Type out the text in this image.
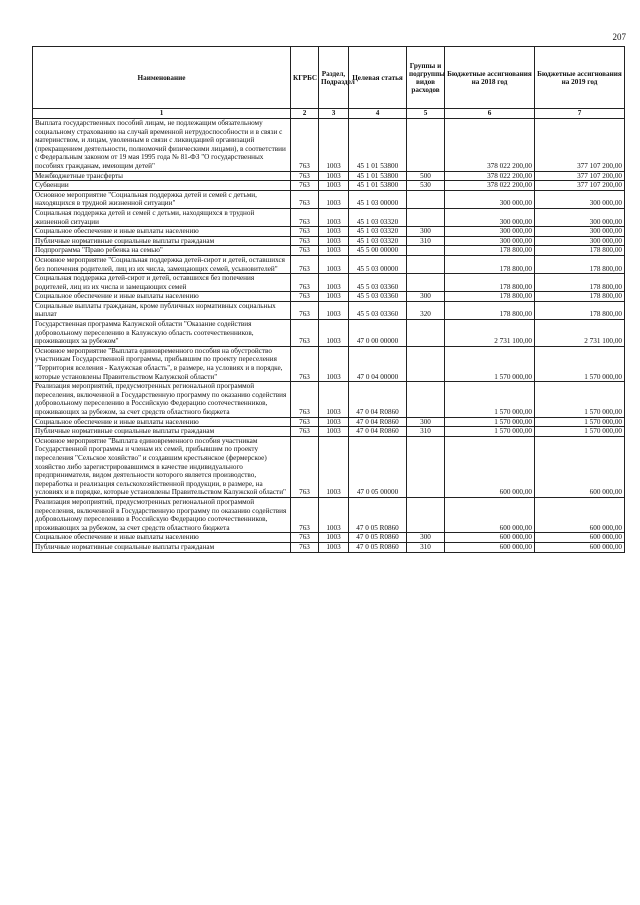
207
Наименование	КГРБС	Раздел, Подраздел	Целевая статья	Группы и подгруппы видов расходов	Бюджетные ассигнования на 2018 год	Бюджетные ассигнования на 2019 год
1	2	3	4	5	6	7
Выплата государственных пособий лицам, не подлежащим обязательному социальному страхованию на случай временной нетрудоспособности и в связи с материнством, и лицам, уволенным в связи с ликвидацией организаций (прекращением деятельности, полномочий физическими лицами), в соответствии с Федеральным законом от 19 мая 1995 года № 81-ФЗ "О государственных пособиях гражданам, имеющим детей"	763	1003	45 1 01 53800		378 022 200,00	377 107 200,00
Межбюджетные трансферты	763	1003	45 1 01 53800	500	378 022 200,00	377 107 200,00
Субвенции	763	1003	45 1 01 53800	530	378 022 200,00	377 107 200,00
Основное мероприятие "Социальная поддержка детей и семей с детьми, находящихся в трудной жизненной ситуации"	763	1003	45 1 03 00000		300 000,00	300 000,00
Социальная поддержка детей и семей с детьми, находящихся в трудной жизненной ситуации	763	1003	45 1 03 03320		300 000,00	300 000,00
Социальное обеспечение и иные выплаты населению	763	1003	45 1 03 03320	300	300 000,00	300 000,00
Публичные нормативные социальные выплаты гражданам	763	1003	45 1 03 03320	310	300 000,00	300 000,00
Подпрограмма "Право ребенка на семью"	763	1003	45 5 00 00000		178 800,00	178 800,00
Основное мероприятие "Социальная поддержка детей-сирот и детей, оставшихся без попечения родителей, лиц из их числа, замещающих семей, усыновителей"	763	1003	45 5 03 00000		178 800,00	178 800,00
Социальная поддержка детей-сирот и детей, оставшихся без попечения родителей, лиц из их числа и замещающих семей	763	1003	45 5 03 03360		178 800,00	178 800,00
Социальное обеспечение и иные выплаты населению	763	1003	45 5 03 03360	300	178 800,00	178 800,00
Социальные выплаты гражданам, кроме публичных нормативных социальных выплат	763	1003	45 5 03 03360	320	178 800,00	178 800,00
Государственная программа Калужской области "Оказание содействия добровольному переселению в Калужскую область соотечественников, проживающих за рубежом"	763	1003	47 0 00 00000		2 731 100,00	2 731 100,00
Основное мероприятие "Выплата единовременного пособия на обустройство участникам Государственной программы, прибывшим по проекту переселения "Территория вселения - Калужская область", в размере, на условиях и в порядке, которые установлены Правительством Калужской области"	763	1003	47 0 04 00000		1 570 000,00	1 570 000,00
Реализация мероприятий, предусмотренных региональной программой переселения, включенной в Государственную программу по оказанию содействия добровольному переселению в Российскую Федерацию соотечественников, проживающих за рубежом, за счет средств областного бюджета	763	1003	47 0 04 R0860		1 570 000,00	1 570 000,00
Социальное обеспечение и иные выплаты населению	763	1003	47 0 04 R0860	300	1 570 000,00	1 570 000,00
Публичные нормативные социальные выплаты гражданам	763	1003	47 0 04 R0860	310	1 570 000,00	1 570 000,00
Основное мероприятие "Выплата единовременного пособия участникам Государственной программы и членам их семей, прибывшим по проекту переселения "Сельское хозяйство" и создавшим крестьянское (фермерское) хозяйство либо зарегистрировавшимся в качестве индивидуального предпринимателя, видом деятельности которого является производство, переработка и реализация сельскохозяйственной продукции, в размере, на условиях и в порядке, которые установлены Правительством Калужской области"	763	1003	47 0 05 00000		600 000,00	600 000,00
Реализация мероприятий, предусмотренных региональной программой переселения, включенной в Государственную программу по оказанию содействия добровольному переселению в Российскую Федерацию соотечественников, проживающих за рубежом, за счет средств областного бюджета	763	1003	47 0 05 R0860		600 000,00	600 000,00
Социальное обеспечение и иные выплаты населению	763	1003	47 0 05 R0860	300	600 000,00	600 000,00
Публичные нормативные социальные выплаты гражданам	763	1003	47 0 05 R0860	310	600 000,00	600 000,00
